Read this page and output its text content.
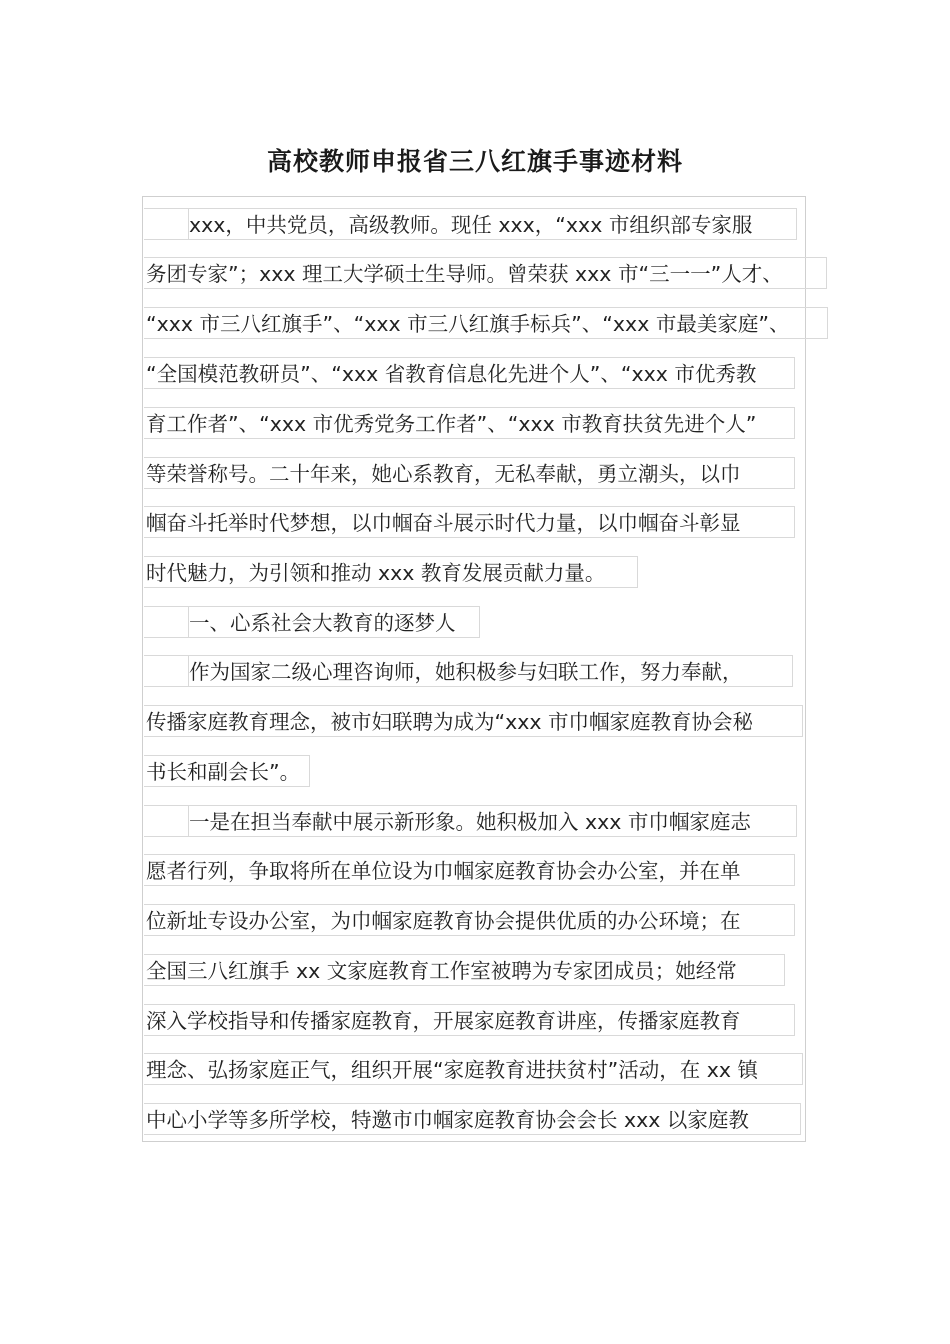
高校教师申报省三八红旗手事迹材料
xxx，中共党员，高级教师。现任 xxx，“xxx 市组织部专家服
务团专家”；xxx 理工大学硕士生导师。曾荣获 xxx 市“三一一”人才、
“xxx 市三八红旗手”、“xxx 市三八红旗手标兵”、“xxx 市最美家庭”、
“全国模范教研员”、“xxx 省教育信息化先进个人”、“xxx 市优秀教
育工作者”、“xxx 市优秀党务工作者”、“xxx 市教育扶贫先进个人”
等荣誉称号。二十年来，她心系教育，无私奉献，勇立潮头，以巾
帼奋斗托举时代梦想，以巾帼奋斗展示时代力量，以巾帼奋斗彰显
时代魅力，为引领和推动 xxx 教育发展贡献力量。
一、心系社会大教育的逐梦人
作为国家二级心理咨询师，她积极参与妇联工作，努力奉献，
传播家庭教育理念，被市妇联聘为成为“xxx 市巾帼家庭教育协会秘
书长和副会长”。
一是在担当奉献中展示新形象。她积极加入 xxx 市巾帼家庭志
愿者行列，争取将所在单位设为巾帼家庭教育协会办公室，并在单
位新址专设办公室，为巾帼家庭教育协会提供优质的办公环境；在
全国三八红旗手 xx 文家庭教育工作室被聘为专家团成员；她经常
深入学校指导和传播家庭教育，开展家庭教育讲座，传播家庭教育
理念、弘扬家庭正气，组织开展“家庭教育进扶贫村”活动，在 xx 镇
中心小学等多所学校，特邀市巾帼家庭教育协会会长 xxx 以家庭教
